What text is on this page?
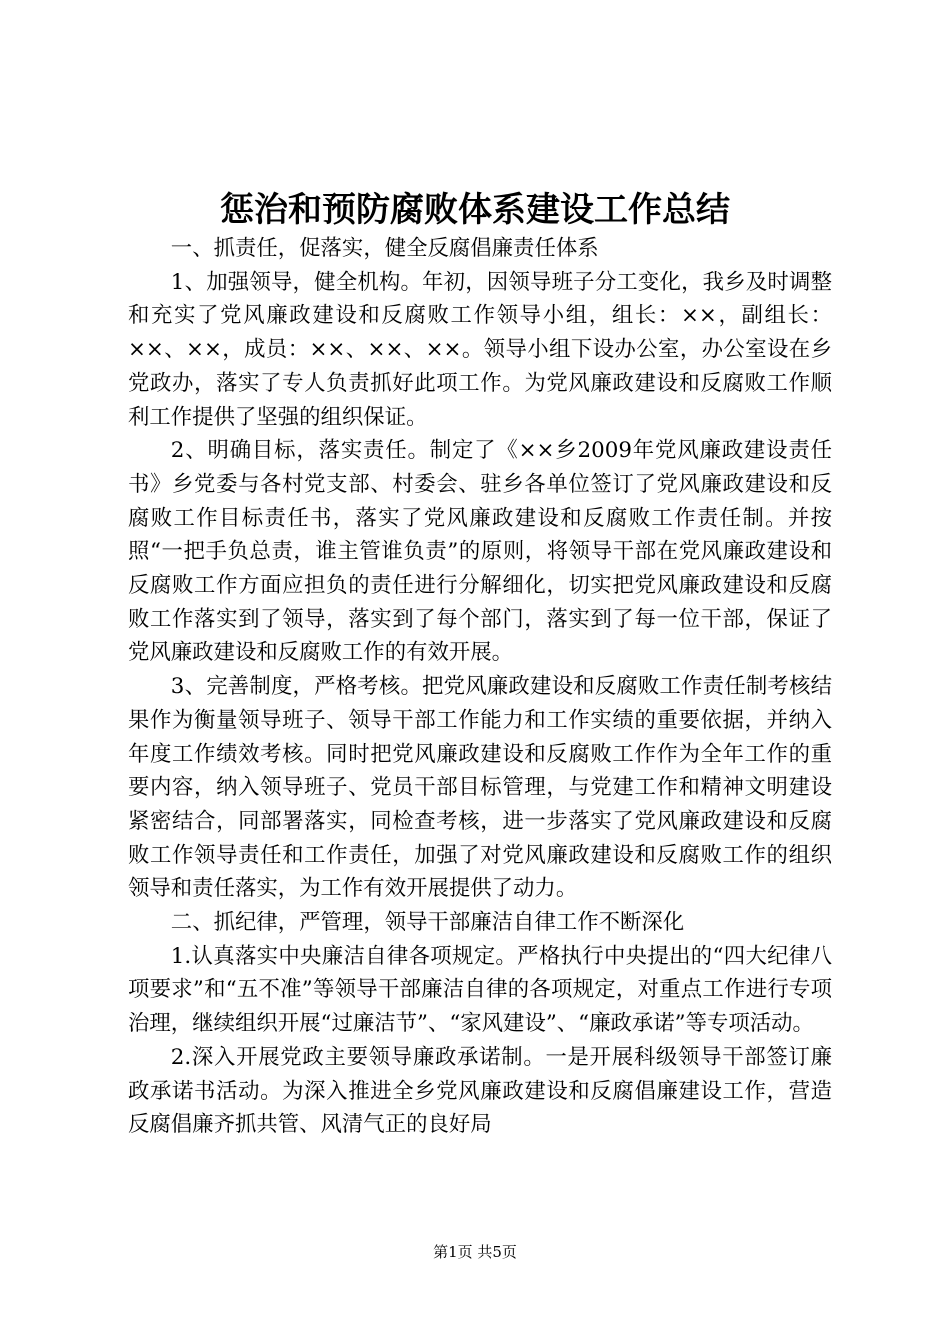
惩治和预防腐败体系建设工作总结

一、抓责任，促落实，健全反腐倡廉责任体系

1、加强领导，健全机构。年初，因领导班子分工变化，我乡及时调整和充实了党风廉政建设和反腐败工作领导小组，组长：××，副组长：××、××，成员：××、××、××。领导小组下设办公室，办公室设在乡党政办，落实了专人负责抓好此项工作。为党风廉政建设和反腐败工作顺利工作提供了坚强的组织保证。

2、明确目标，落实责任。制定了《××乡2009年党风廉政建设责任书》乡党委与各村党支部、村委会、驻乡各单位签订了党风廉政建设和反腐败工作目标责任书，落实了党风廉政建设和反腐败工作责任制。并按照“一把手负总责，谁主管谁负责”的原则，将领导干部在党风廉政建设和反腐败工作方面应担负的责任进行分解细化，切实把党风廉政建设和反腐败工作落实到了领导，落实到了每个部门，落实到了每一位干部，保证了党风廉政建设和反腐败工作的有效开展。

3、完善制度，严格考核。把党风廉政建设和反腐败工作责任制考核结果作为衡量领导班子、领导干部工作能力和工作实绩的重要依据，并纳入年度工作绩效考核。同时把党风廉政建设和反腐败工作作为全年工作的重要内容，纳入领导班子、党员干部目标管理，与党建工作和精神文明建设紧密结合，同部署落实，同检查考核，进一步落实了党风廉政建设和反腐败工作领导责任和工作责任，加强了对党风廉政建设和反腐败工作的组织领导和责任落实，为工作有效开展提供了动力。

二、抓纪律，严管理，领导干部廉洁自律工作不断深化

1.认真落实中央廉洁自律各项规定。严格执行中央提出的“四大纪律八项要求”和“五不准”等领导干部廉洁自律的各项规定，对重点工作进行专项治理，继续组织开展“过廉洁节”、“家风建设”、“廉政承诺”等专项活动。

2.深入开展党政主要领导廉政承诺制。一是开展科级领导干部签订廉政承诺书活动。为深入推进全乡党风廉政建设和反腐倡廉建设工作，营造反腐倡廉齐抓共管、风清气正的良好局

第1页 共5页
